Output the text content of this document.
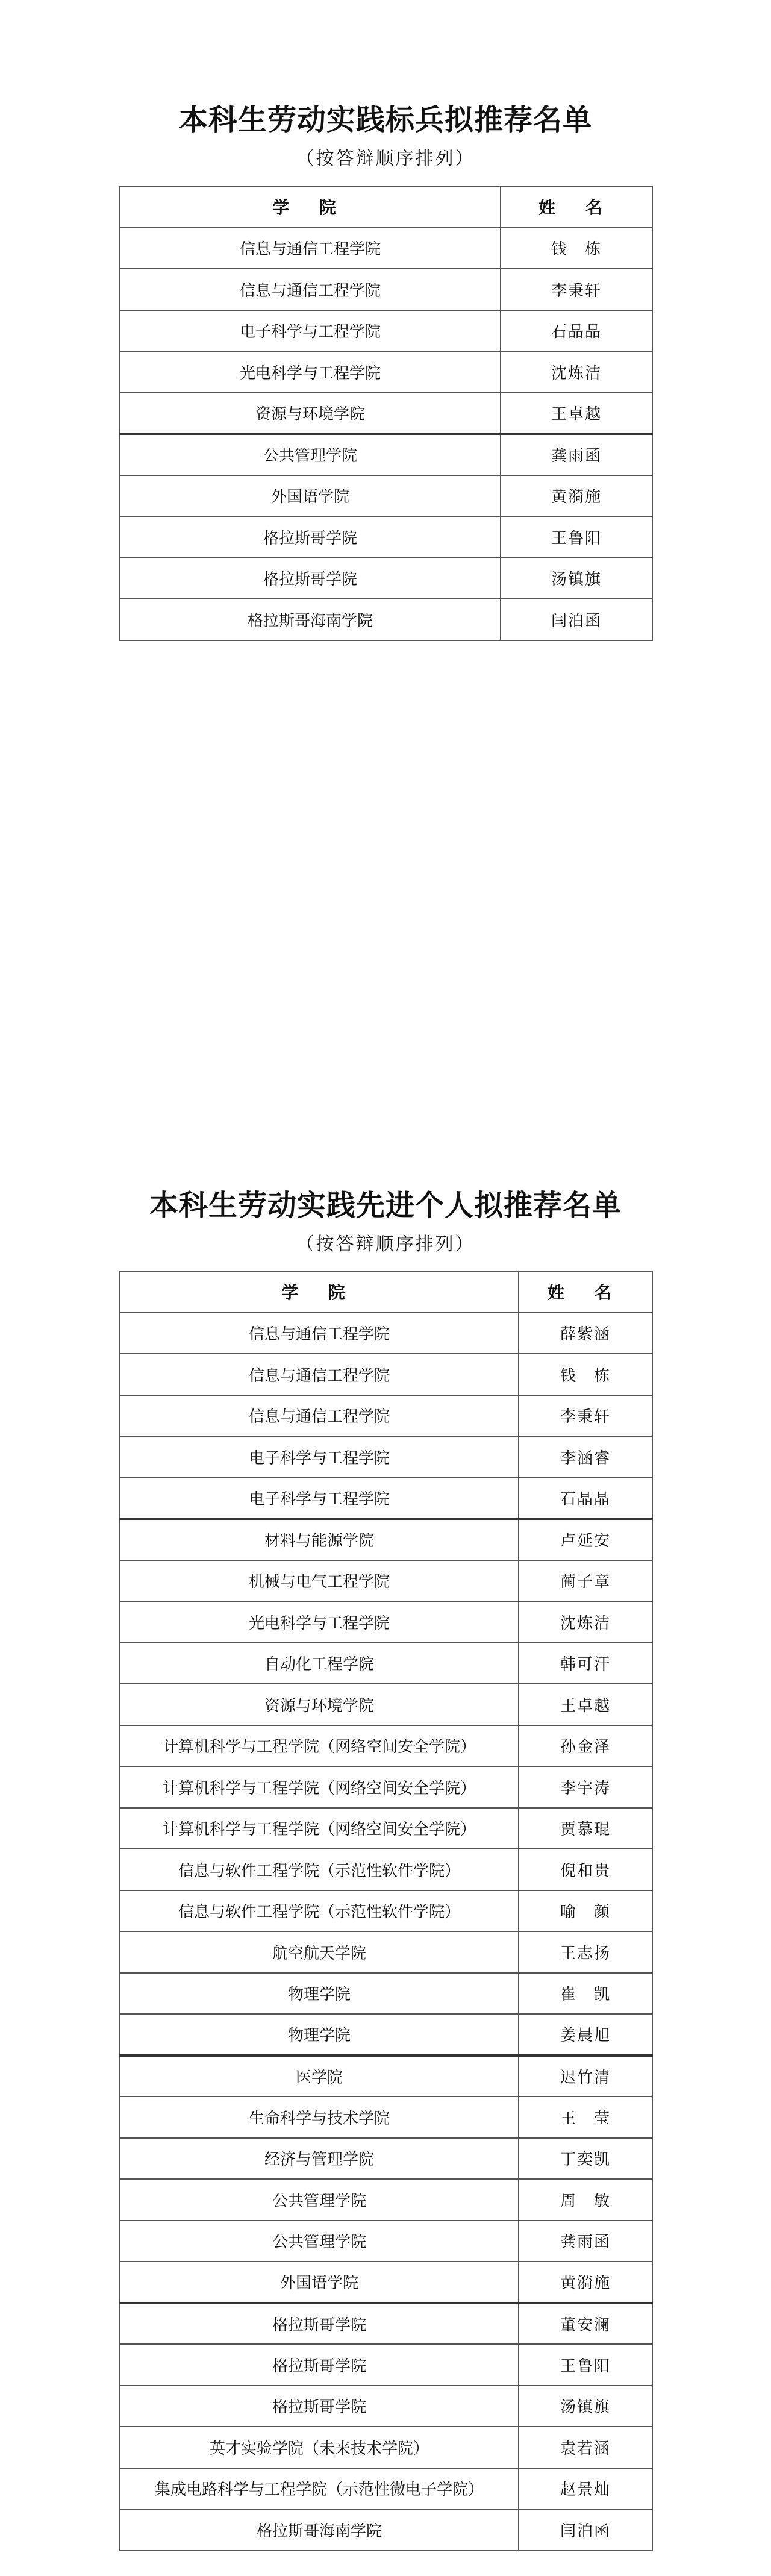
本科生劳动实践标兵拟推荐名单
（按答辩顺序排列）
学 院	姓 名
信息与通信工程学院	钱　栋
信息与通信工程学院	李秉轩
电子科学与工程学院	石晶晶
光电科学与工程学院	沈炼洁
资源与环境学院	王卓越
公共管理学院	龚雨函
外国语学院	黄漪施
格拉斯哥学院	王鲁阳
格拉斯哥学院	汤镇旗
格拉斯哥海南学院	闫泊函
本科生劳动实践先进个人拟推荐名单
（按答辩顺序排列）
学 院	姓 名
信息与通信工程学院	薛紫涵
信息与通信工程学院	钱　栋
信息与通信工程学院	李秉轩
电子科学与工程学院	李涵睿
电子科学与工程学院	石晶晶
材料与能源学院	卢延安
机械与电气工程学院	蔺子章
光电科学与工程学院	沈炼洁
自动化工程学院	韩可汗
资源与环境学院	王卓越
计算机科学与工程学院（网络空间安全学院）	孙金泽
计算机科学与工程学院（网络空间安全学院）	李宇涛
计算机科学与工程学院（网络空间安全学院）	贾慕琨
信息与软件工程学院（示范性软件学院）	倪和贵
信息与软件工程学院（示范性软件学院）	喻　颜
航空航天学院	王志扬
物理学院	崔　凯
物理学院	姜晨旭
医学院	迟竹清
生命科学与技术学院	王　莹
经济与管理学院	丁奕凯
公共管理学院	周　敏
公共管理学院	龚雨函
外国语学院	黄漪施
格拉斯哥学院	董安澜
格拉斯哥学院	王鲁阳
格拉斯哥学院	汤镇旗
英才实验学院（未来技术学院）	袁若涵
集成电路科学与工程学院（示范性微电子学院）	赵景灿
格拉斯哥海南学院	闫泊函
